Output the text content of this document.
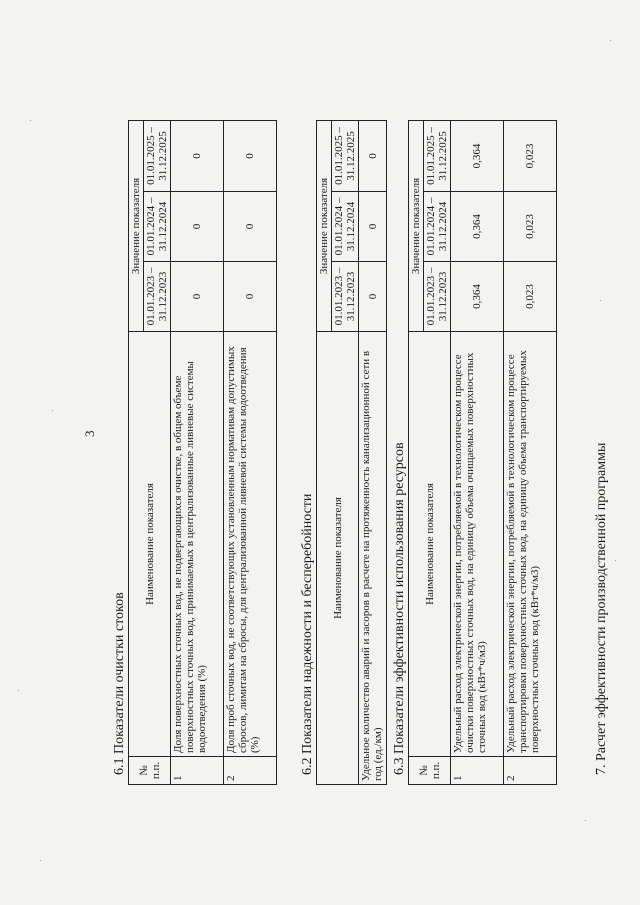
3
6.1 Показатели очистки стоков № п.п.	Наименование показателя	Значение показателя		
		01.01.2023 – 31.12.2023	01.01.2024 – 31.12.2024	01.01.2025 – 31.12.2025
1	Доля поверхностных сточных вод, не подвергающихся очистке, в общем объеме поверхностных сточных вод, принимаемых в централизованные ливневые системы водоотведения (%)	0	0	0
2	Доля проб сточных вод, не соответствующих установленным нормативам допустимых сбросов, лимитам на сбросы, для централизованной ливневой системы водоотведения (%)	0	0	0
6.2 Показатели надежности и бесперебойности Наименование показателя	Значение показателя		
	01.01.2023 – 31.12.2023	01.01.2024 – 31.12.2024	01.01.2025 – 31.12.2025
Удельное количество аварий и засоров в расчете на протяженность канализационной сети в год (ед./км)	0	0	0
6.3 Показатели эффективности использования ресурсов № п.п.	Наименование показателя	Значение показателя		
		01.01.2023 – 31.12.2023	01.01.2024 – 31.12.2024	01.01.2025 – 31.12.2025
1	Удельный расход электрической энергии, потребляемой в технологическом процессе очистки поверхностных сточных вод, на единицу объема очищаемых поверхностных сточных вод (кВт*ч/м3)	0,364	0,364	0,364
2	Удельный расход электрической энергии, потребляемой в технологическом процессе транспортировки поверхностных сточных вод, на единицу объема транспортируемых поверхностных сточных вод (кВт*ч/м3)	0,023	0,023	0,023
7. Расчет эффективности производственной программы
